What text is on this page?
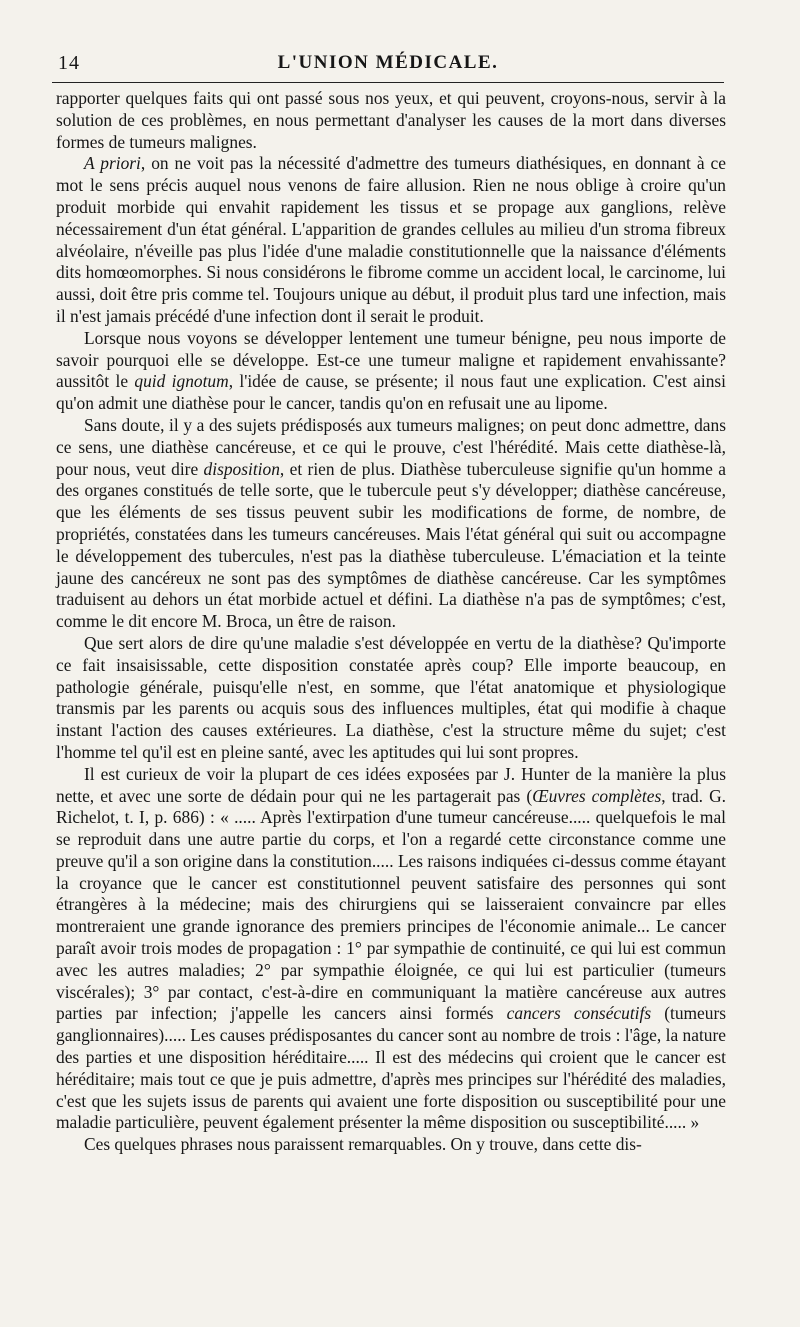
14	L'UNION MÉDICALE.

rapporter quelques faits qui ont passé sous nos yeux, et qui peuvent, croyons-nous, servir à la solution de ces problèmes, en nous permettant d'analyser les causes de la mort dans diverses formes de tumeurs malignes.

A priori, on ne voit pas la nécessité d'admettre des tumeurs diathésiques, en donnant à ce mot le sens précis auquel nous venons de faire allusion. Rien ne nous oblige à croire qu'un produit morbide qui envahit rapidement les tissus et se propage aux ganglions, relève nécessairement d'un état général. L'apparition de grandes cellules au milieu d'un stroma fibreux alvéolaire, n'éveille pas plus l'idée d'une maladie constitutionnelle que la naissance d'éléments dits homœomorphes. Si nous considérons le fibrome comme un accident local, le carcinome, lui aussi, doit être pris comme tel. Toujours unique au début, il produit plus tard une infection, mais il n'est jamais précédé d'une infection dont il serait le produit.

Lorsque nous voyons se développer lentement une tumeur bénigne, peu nous importe de savoir pourquoi elle se développe. Est-ce une tumeur maligne et rapidement envahissante? aussitôt le quid ignotum, l'idée de cause, se présente; il nous faut une explication. C'est ainsi qu'on admit une diathèse pour le cancer, tandis qu'on en refusait une au lipome.

Sans doute, il y a des sujets prédisposés aux tumeurs malignes; on peut donc admettre, dans ce sens, une diathèse cancéreuse, et ce qui le prouve, c'est l'hérédité. Mais cette diathèse-là, pour nous, veut dire disposition, et rien de plus. Diathèse tuberculeuse signifie qu'un homme a des organes constitués de telle sorte, que le tubercule peut s'y développer; diathèse cancéreuse, que les éléments de ses tissus peuvent subir les modifications de forme, de nombre, de propriétés, constatées dans les tumeurs cancéreuses. Mais l'état général qui suit ou accompagne le développement des tubercules, n'est pas la diathèse tuberculeuse. L'émaciation et la teinte jaune des cancéreux ne sont pas des symptômes de diathèse cancéreuse. Car les symptômes traduisent au dehors un état morbide actuel et défini. La diathèse n'a pas de symptômes; c'est, comme le dit encore M. Broca, un être de raison.

Que sert alors de dire qu'une maladie s'est développée en vertu de la diathèse? Qu'importe ce fait insaisissable, cette disposition constatée après coup? Elle importe beaucoup, en pathologie générale, puisqu'elle n'est, en somme, que l'état anatomique et physiologique transmis par les parents ou acquis sous des influences multiples, état qui modifie à chaque instant l'action des causes extérieures. La diathèse, c'est la structure même du sujet; c'est l'homme tel qu'il est en pleine santé, avec les aptitudes qui lui sont propres.

Il est curieux de voir la plupart de ces idées exposées par J. Hunter de la manière la plus nette, et avec une sorte de dédain pour qui ne les partagerait pas (Œuvres complètes, trad. G. Richelot, t. I, p. 686) : « ..... Après l'extirpation d'une tumeur cancéreuse..... quelquefois le mal se reproduit dans une autre partie du corps, et l'on a regardé cette circonstance comme une preuve qu'il a son origine dans la constitution..... Les raisons indiquées ci-dessus comme étayant la croyance que le cancer est constitutionnel peuvent satisfaire des personnes qui sont étrangères à la médecine; mais des chirurgiens qui se laisseraient convaincre par elles montreraient une grande ignorance des premiers principes de l'économie animale... Le cancer paraît avoir trois modes de propagation : 1° par sympathie de continuité, ce qui lui est commun avec les autres maladies; 2° par sympathie éloignée, ce qui lui est particulier (tumeurs viscérales); 3° par contact, c'est-à-dire en communiquant la matière cancéreuse aux autres parties par infection; j'appelle les cancers ainsi formés cancers consécutifs (tumeurs ganglionnaires)..... Les causes prédisposantes du cancer sont au nombre de trois : l'âge, la nature des parties et une disposition héréditaire..... Il est des médecins qui croient que le cancer est héréditaire; mais tout ce que je puis admettre, d'après mes principes sur l'hérédité des maladies, c'est que les sujets issus de parents qui avaient une forte disposition ou susceptibilité pour une maladie particulière, peuvent également présenter la même disposition ou susceptibilité..... »

Ces quelques phrases nous paraissent remarquables. On y trouve, dans cette dis-
